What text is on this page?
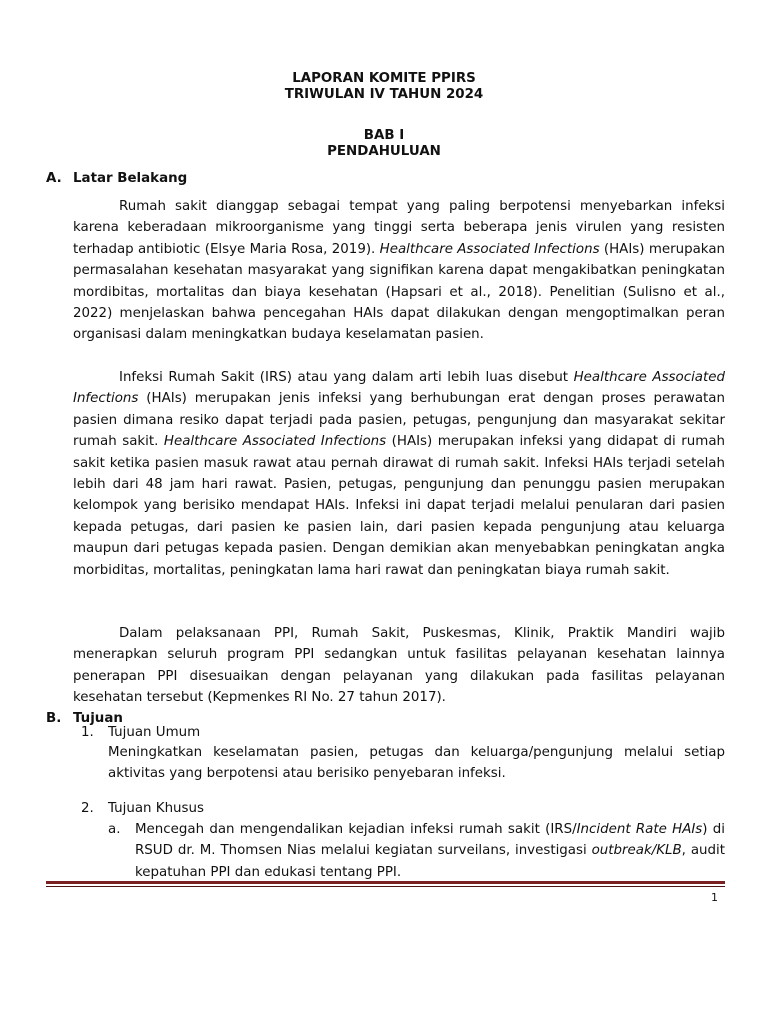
LAPORAN KOMITE PPIRS
TRIWULAN IV TAHUN 2024
BAB I
PENDAHULUAN
A. Latar Belakang
Rumah sakit dianggap sebagai tempat yang paling berpotensi menyebarkan infeksi karena keberadaan mikroorganisme yang tinggi serta beberapa jenis virulen yang resisten terhadap antibiotic (Elsye Maria Rosa, 2019). Healthcare Associated Infections (HAIs) merupakan permasalahan kesehatan masyarakat yang signifikan karena dapat mengakibatkan peningkatan mordibitas, mortalitas dan biaya kesehatan (Hapsari et al., 2018). Penelitian (Sulisno et al., 2022) menjelaskan bahwa pencegahan HAIs dapat dilakukan dengan mengoptimalkan peran organisasi dalam meningkatkan budaya keselamatan pasien.
Infeksi Rumah Sakit (IRS) atau yang dalam arti lebih luas disebut Healthcare Associated Infections (HAIs) merupakan jenis infeksi yang berhubungan erat dengan proses perawatan pasien dimana resiko dapat terjadi pada pasien, petugas, pengunjung dan masyarakat sekitar rumah sakit. Healthcare Associated Infections (HAIs) merupakan infeksi yang didapat di rumah sakit ketika pasien masuk rawat atau pernah dirawat di rumah sakit. Infeksi HAIs terjadi setelah lebih dari 48 jam hari rawat. Pasien, petugas, pengunjung dan penunggu pasien merupakan kelompok yang berisiko mendapat HAIs. Infeksi ini dapat terjadi melalui penularan dari pasien kepada petugas, dari pasien ke pasien lain, dari pasien kepada pengunjung atau keluarga maupun dari petugas kepada pasien. Dengan demikian akan menyebabkan peningkatan angka morbiditas, mortalitas, peningkatan lama hari rawat dan peningkatan biaya rumah sakit.
Dalam pelaksanaan PPI, Rumah Sakit, Puskesmas, Klinik, Praktik Mandiri wajib menerapkan seluruh program PPI sedangkan untuk fasilitas pelayanan kesehatan lainnya penerapan PPI disesuaikan dengan pelayanan yang dilakukan pada fasilitas pelayanan kesehatan tersebut (Kepmenkes RI No. 27 tahun 2017).
B. Tujuan
1. Tujuan Umum
Meningkatkan keselamatan pasien, petugas dan keluarga/pengunjung melalui setiap aktivitas yang berpotensi atau berisiko penyebaran infeksi.
2. Tujuan Khusus
a. Mencegah dan mengendalikan kejadian infeksi rumah sakit (IRS/Incident Rate HAIs) di RSUD dr. M. Thomsen Nias melalui kegiatan surveilans, investigasi outbreak/KLB, audit kepatuhan PPI dan edukasi tentang PPI.
1
